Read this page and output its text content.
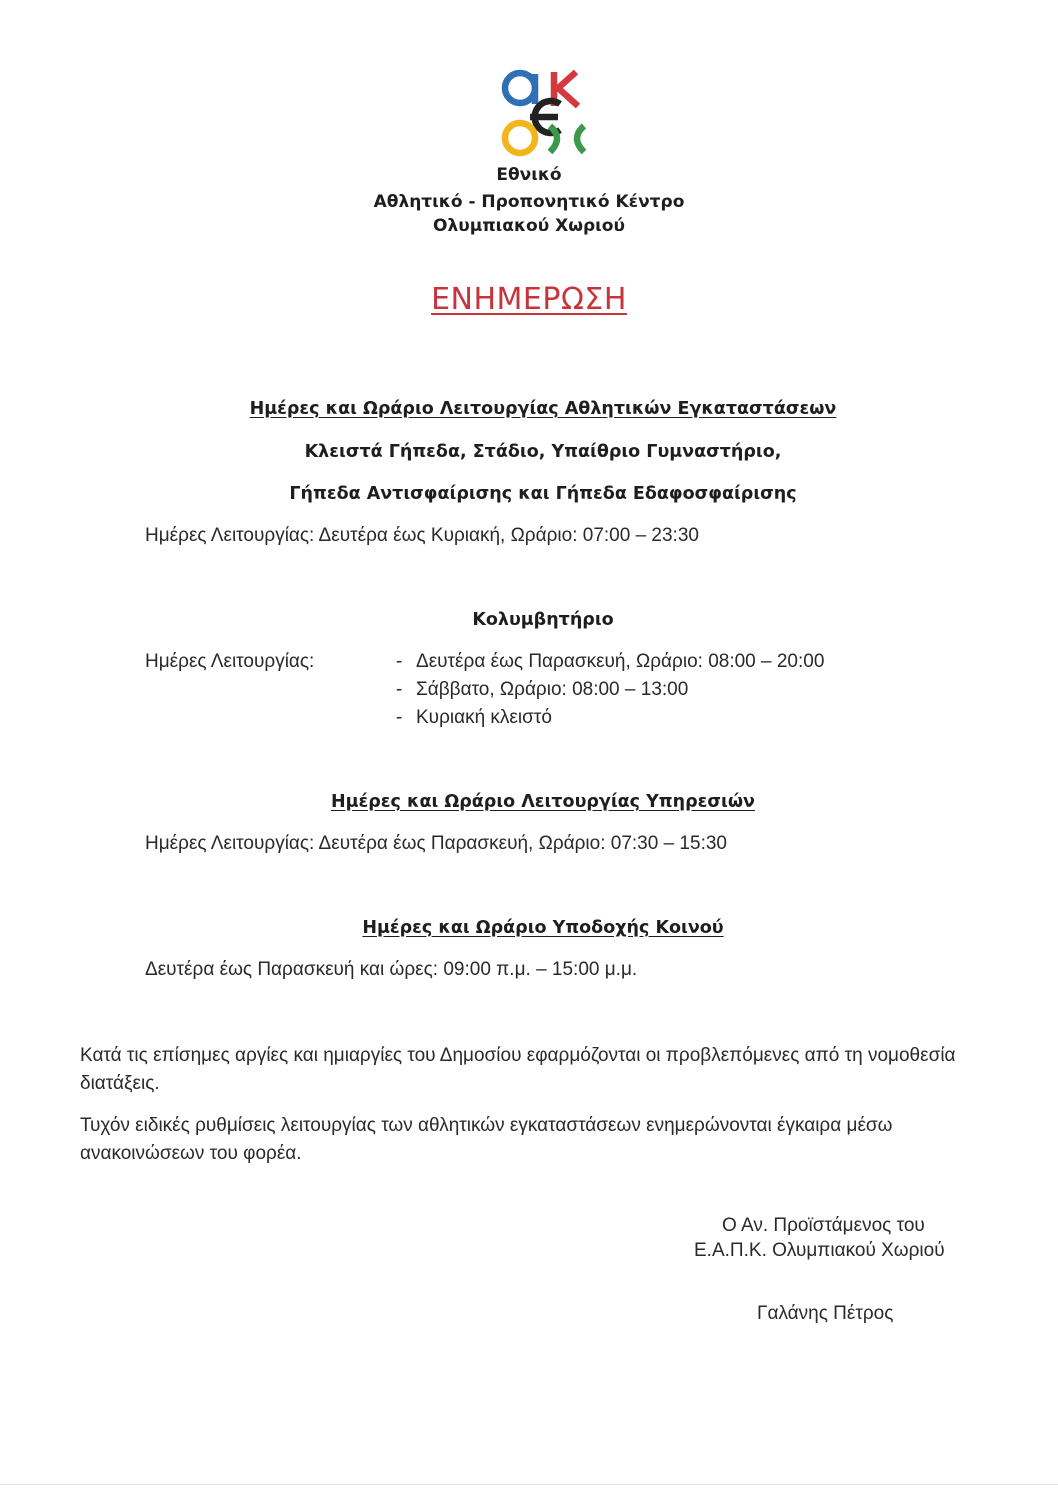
Εθνικό
Αθλητικό - Προπονητικό Κέντρο
Ολυμπιακού Χωριού
ΕΝΗΜΕΡΩΣΗ
Ημέρες και Ωράριο Λειτουργίας Αθλητικών Εγκαταστάσεων
Κλειστά Γήπεδα, Στάδιο, Υπαίθριο Γυμναστήριο,
Γήπεδα Αντισφαίρισης και Γήπεδα Εδαφοσφαίρισης
Ημέρες Λειτουργίας: Δευτέρα έως Κυριακή, Ωράριο: 07:00 – 23:30
Κολυμβητήριο
Ημέρες Λειτουργίας:	- Δευτέρα έως Παρασκευή, Ωράριο: 08:00 – 20:00
- Σάββατο, Ωράριο: 08:00 – 13:00
- Κυριακή κλειστό
Ημέρες και Ωράριο Λειτουργίας Υπηρεσιών
Ημέρες Λειτουργίας: Δευτέρα έως Παρασκευή, Ωράριο: 07:30 – 15:30
Ημέρες και Ωράριο Υποδοχής Κοινού
Δευτέρα έως Παρασκευή και ώρες: 09:00 π.μ. – 15:00 μ.μ.
Κατά τις επίσημες αργίες και ημιαργίες του Δημοσίου εφαρμόζονται οι προβλεπόμενες από τη νομοθεσία διατάξεις.
Τυχόν ειδικές ρυθμίσεις λειτουργίας των αθλητικών εγκαταστάσεων ενημερώνονται έγκαιρα μέσω ανακοινώσεων του φορέα.
Ο Αν. Προϊστάμενος του
Ε.Α.Π.Κ. Ολυμπιακού Χωριού
Γαλάνης Πέτρος
